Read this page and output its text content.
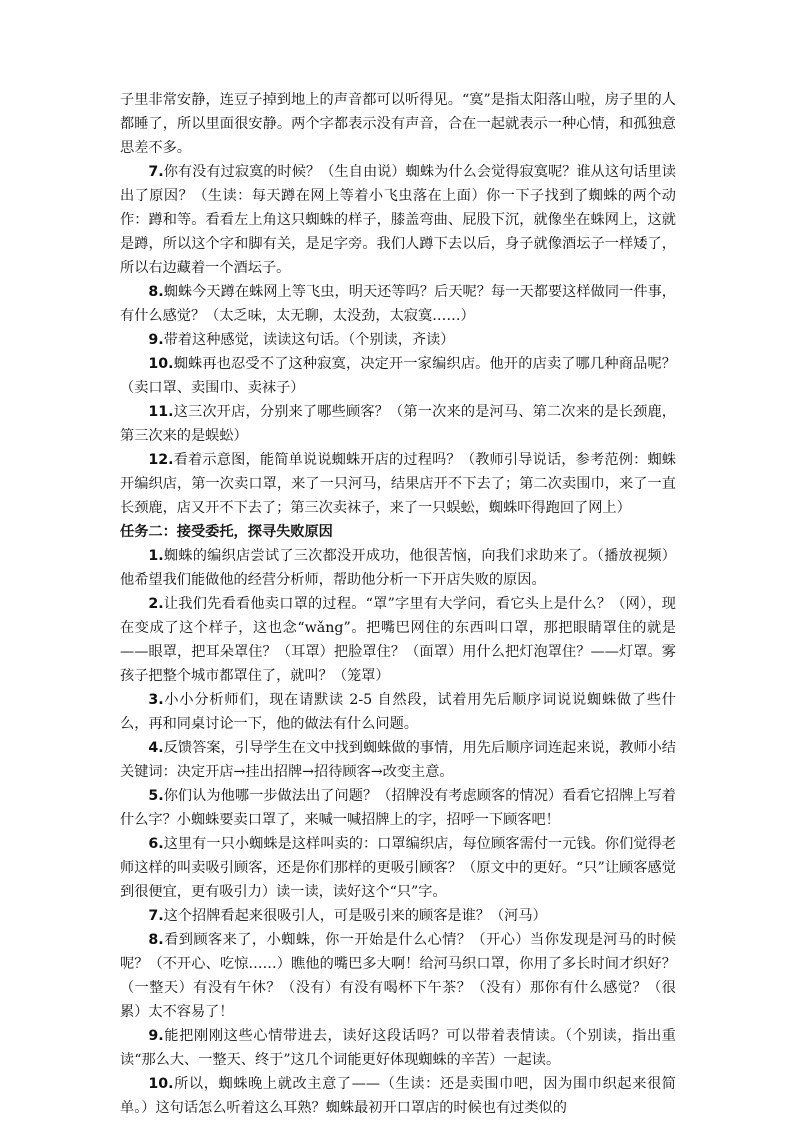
子里非常安静，连豆子掉到地上的声音都可以听得见。“寞”是指太阳落山啦，房子里的人都睡了，所以里面很安静。两个字都表示没有声音，合在一起就表示一种心情，和孤独意思差不多。

7.你有没有过寂寞的时候？（生自由说）蜘蛛为什么会觉得寂寞呢？谁从这句话里读出了原因？（生读：每天蹲在网上等着小飞虫落在上面）你一下子找到了蜘蛛的两个动作：蹲和等。看看左上角这只蜘蛛的样子，膝盖弯曲、屁股下沉，就像坐在蛛网上，这就是蹲，所以这个字和脚有关，是足字旁。我们人蹲下去以后，身子就像酒坛子一样矮了，所以右边藏着一个酒坛子。

8.蜘蛛今天蹲在蛛网上等飞虫，明天还等吗？后天呢？每一天都要这样做同一件事，有什么感觉？（太乏味，太无聊，太没劲，太寂寞……）

9.带着这种感觉，读读这句话。（个别读，齐读）

10.蜘蛛再也忍受不了这种寂寞，决定开一家编织店。他开的店卖了哪几种商品呢？（卖口罩、卖围巾、卖袜子）

11.这三次开店，分别来了哪些顾客？（第一次来的是河马、第二次来的是长颈鹿，第三次来的是蜈蚣）

12.看着示意图，能简单说说蜘蛛开店的过程吗？（教师引导说话，参考范例：蜘蛛开编织店，第一次卖口罩，来了一只河马，结果店开不下去了；第二次卖围巾，来了一直长颈鹿，店又开不下去了；第三次卖袜子，来了一只蜈蚣，蜘蛛吓得跑回了网上）

任务二：接受委托，探寻失败原因

1.蜘蛛的编织店尝试了三次都没开成功，他很苦恼，向我们求助来了。（播放视频）他希望我们能做他的经营分析师，帮助他分析一下开店失败的原因。

2.让我们先看看他卖口罩的过程。“罩”字里有大学问，看它头上是什么？（网），现在变成了这个样子，这也念“wǎng”。把嘴巴网住的东西叫口罩，那把眼睛罩住的就是——眼罩，把耳朵罩住？（耳罩）把脸罩住？（面罩）用什么把灯泡罩住？——灯罩。雾孩子把整个城市都罩住了，就叫？（笼罩）

3.小小分析师们，现在请默读 2-5 自然段，试着用先后顺序词说说蜘蛛做了些什么，再和同桌讨论一下，他的做法有什么问题。

4.反馈答案，引导学生在文中找到蜘蛛做的事情，用先后顺序词连起来说，教师小结关键词：决定开店→挂出招牌→招待顾客→改变主意。

5.你们认为他哪一步做法出了问题？（招牌没有考虑顾客的情况）看看它招牌上写着什么字？小蜘蛛要卖口罩了，来喊一喊招牌上的字，招呼一下顾客吧！

6.这里有一只小蜘蛛是这样叫卖的：口罩编织店，每位顾客需付一元钱。你们觉得老师这样的叫卖吸引顾客，还是你们那样的更吸引顾客？（原文中的更好。“只”让顾客感觉到很便宜，更有吸引力）读一读，读好这个“只”字。

7.这个招牌看起来很吸引人，可是吸引来的顾客是谁？（河马）

8.看到顾客来了，小蜘蛛，你一开始是什么心情？（开心）当你发现是河马的时候呢？（不开心、吃惊……）瞧他的嘴巴多大啊！给河马织口罩，你用了多长时间才织好？（一整天）有没有午休？（没有）有没有喝杯下午茶？（没有）那你有什么感觉？（很累）太不容易了！

9.能把刚刚这些心情带进去，读好这段话吗？可以带着表情读。（个别读，指出重读“那么大、一整天、终于”这几个词能更好体现蜘蛛的辛苦）一起读。

10.所以，蜘蛛晚上就改主意了——（生读：还是卖围巾吧，因为围巾织起来很简单。）这句话怎么听着这么耳熟？蜘蛛最初开口罩店的时候也有过类似的
